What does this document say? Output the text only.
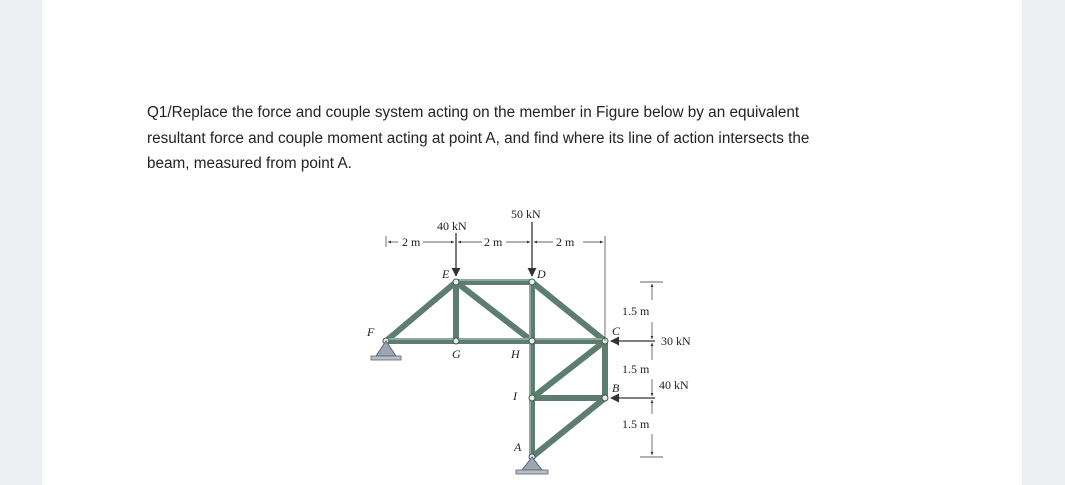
Q1/Replace the force and couple system acting on the member in Figure below by an equivalent resultant force and couple moment acting at point A, and find where its line of action intersects the beam, measured from point A.

40 kN
50 kN
30 kN
40 kN
2 m	2 m	2 m
1.5 m
1.5 m
1.5 m
E	D
F
G	H
C
I
B
A
